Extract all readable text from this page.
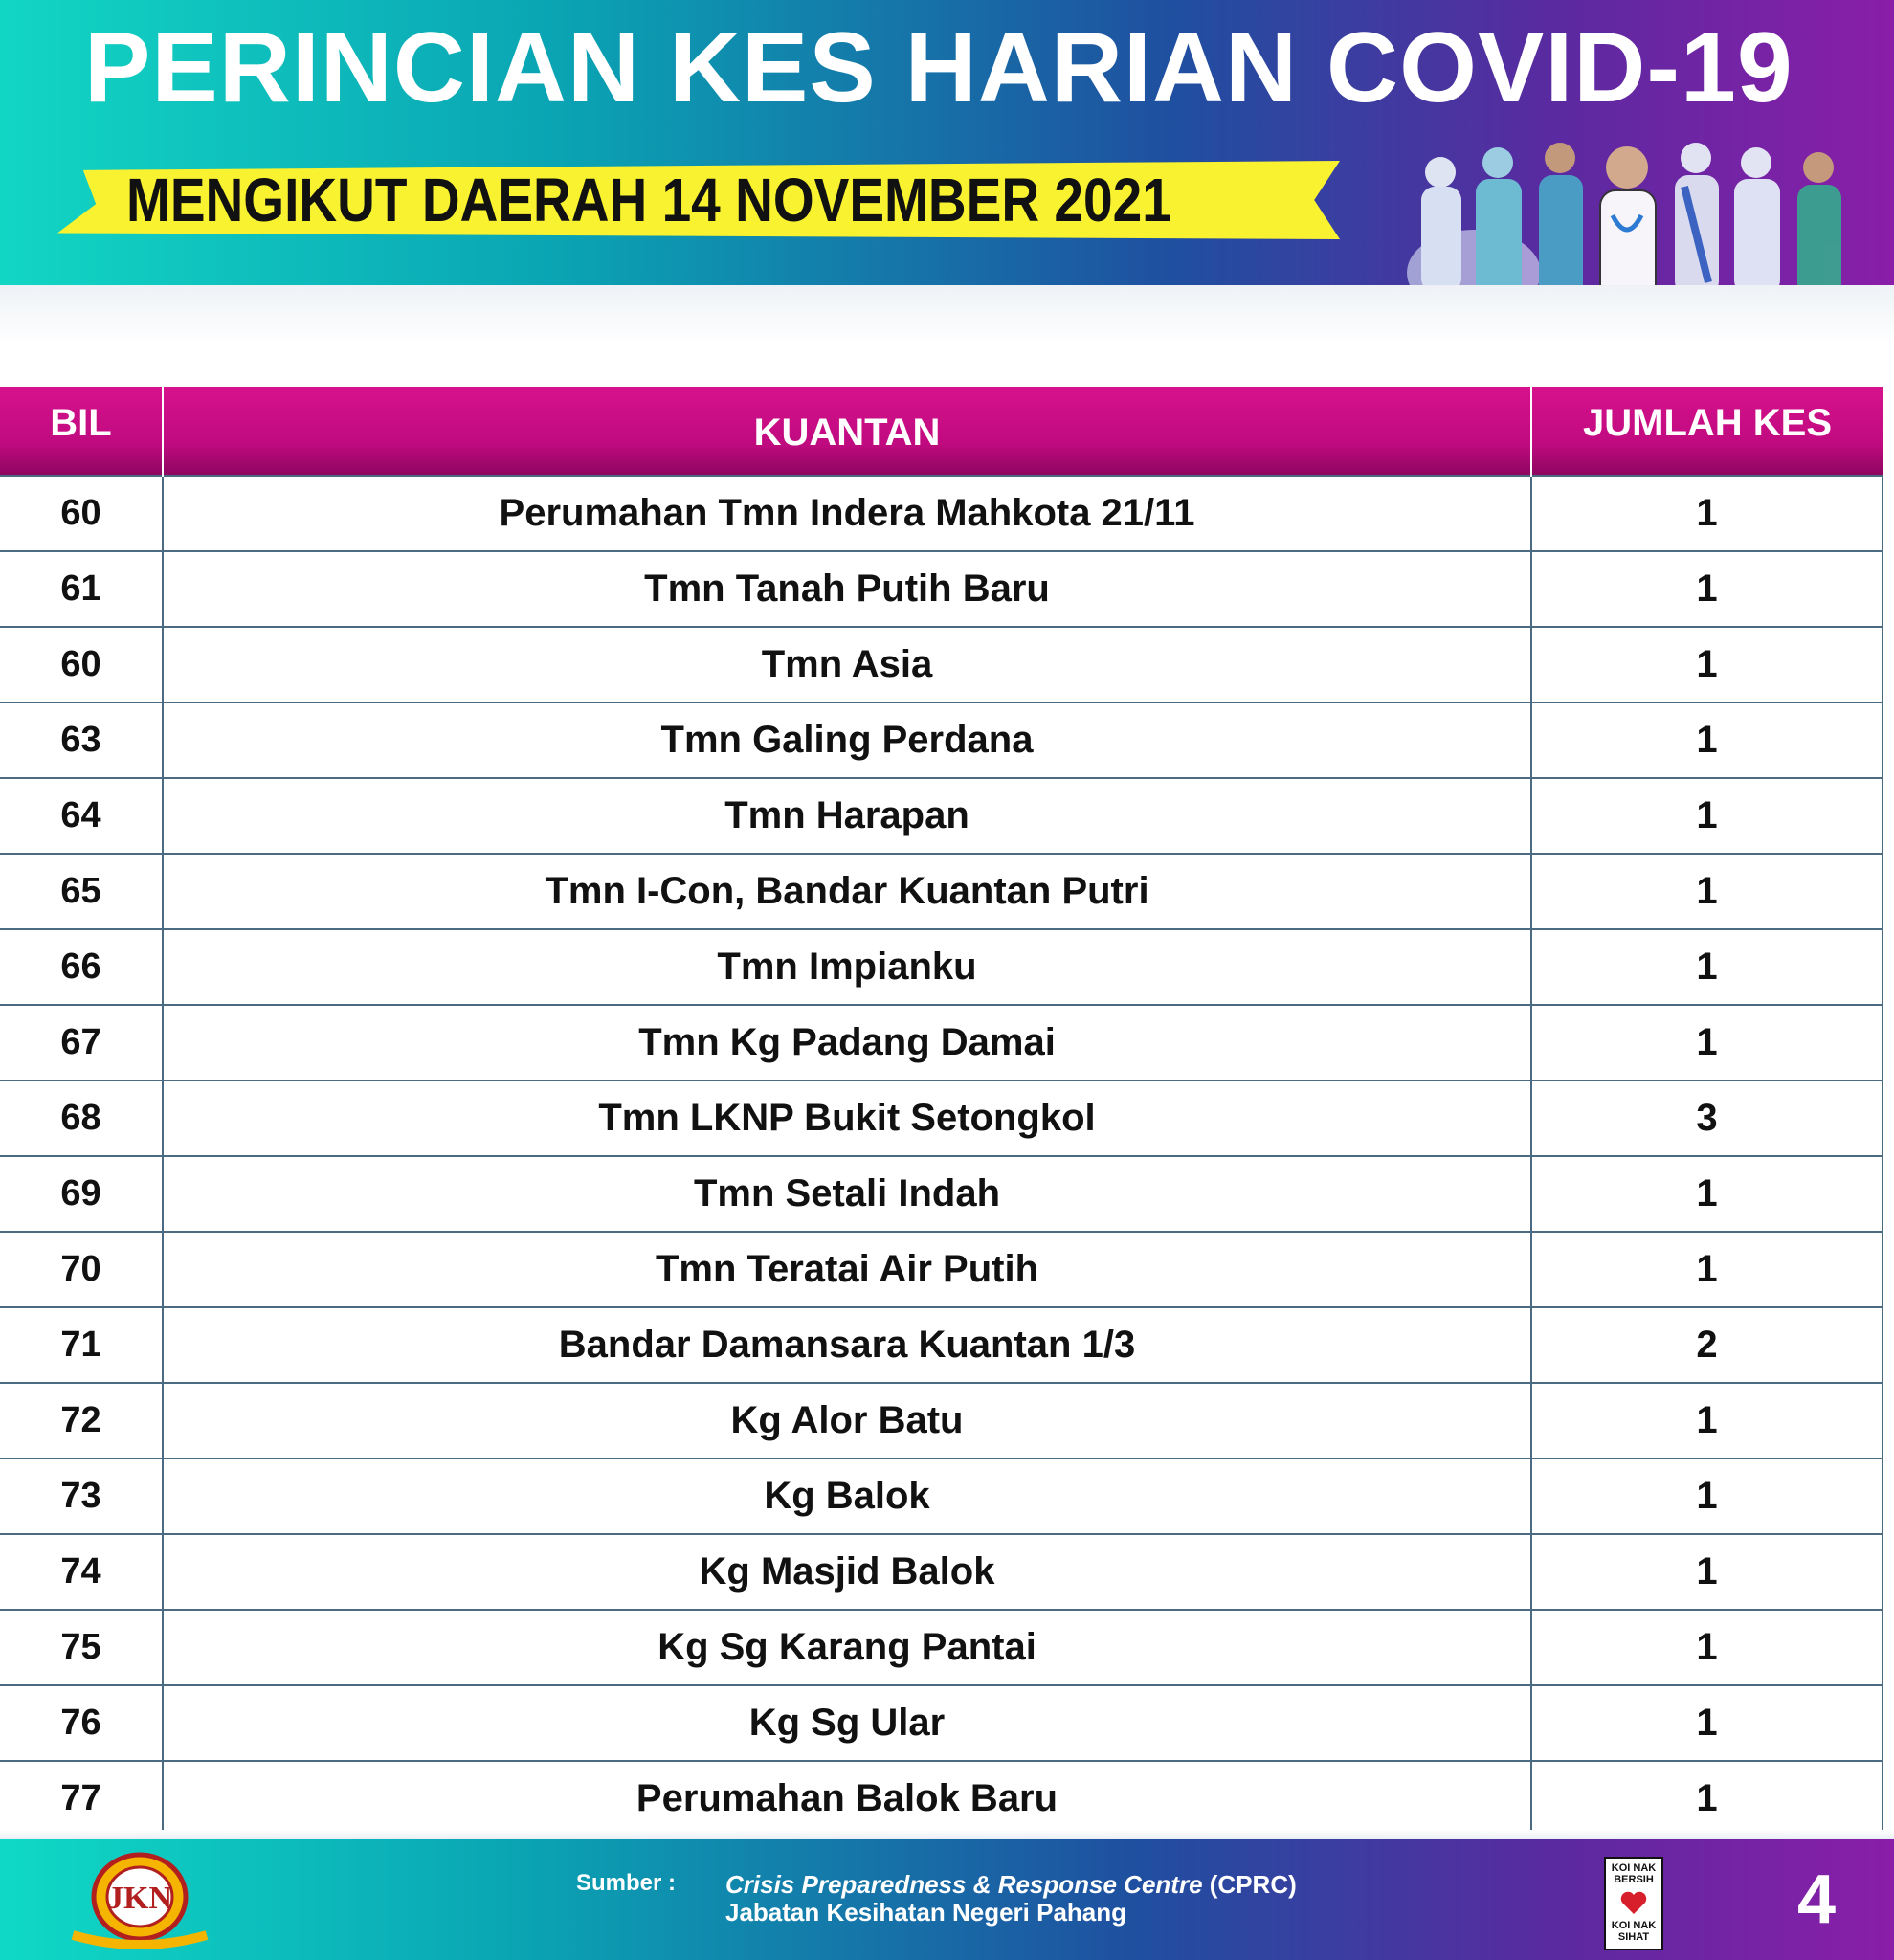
PERINCIAN KES HARIAN COVID-19
MENGIKUT DAERAH 14 NOVEMBER 2021
BIL	KUANTAN	JUMLAH KES
60	Perumahan Tmn Indera Mahkota 21/11	1
61	Tmn Tanah Putih Baru	1
60	Tmn Asia	1
63	Tmn Galing Perdana	1
64	Tmn Harapan	1
65	Tmn I-Con, Bandar Kuantan Putri	1
66	Tmn Impianku	1
67	Tmn Kg Padang Damai	1
68	Tmn LKNP Bukit Setongkol	3
69	Tmn Setali Indah	1
70	Tmn Teratai Air Putih	1
71	Bandar Damansara Kuantan 1/3	2
72	Kg Alor Batu	1
73	Kg Balok	1
74	Kg Masjid Balok	1
75	Kg Sg Karang Pantai	1
76	Kg Sg Ular	1
77	Perumahan Balok Baru	1
JKN	Sumber : Crisis Preparedness & Response Centre (CPRC)
Jabatan Kesihatan Negeri Pahang
KOI NAK BERSIH
KOI NAK SIHAT 4
